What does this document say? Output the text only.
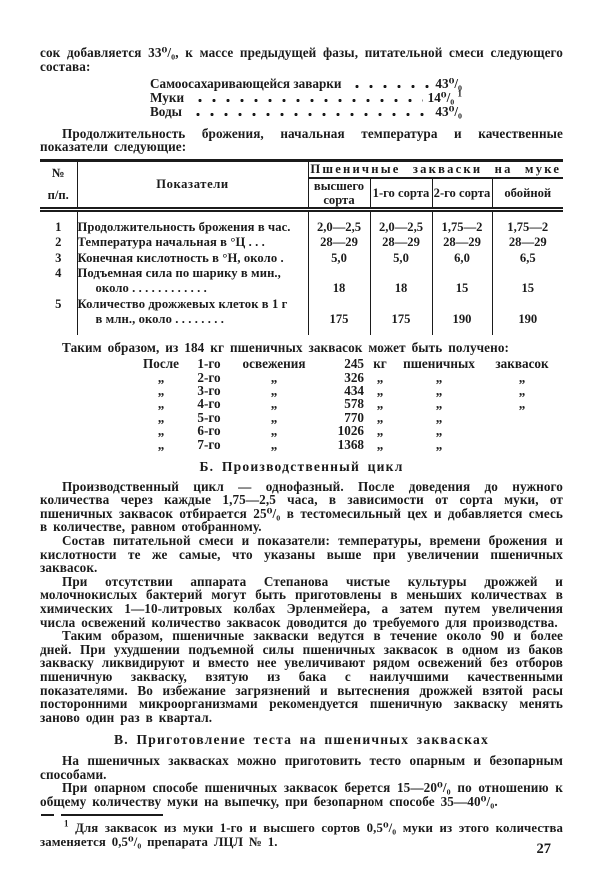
сок добавляется 33⁰/₀, к массе предыдущей фазы, питательной смеси следующего состава:

Самоосахаривающейся заварки	43⁰/₀
Муки	14⁰/₀ $^1$
Воды	43⁰/₀

Продолжительность брожения, начальная температура и качественные показатели следующие:

№
п/п.	Показатели	Пшеничные закваски на муке			
		высшего сорта	1-го сорта	2-го сорта	обойной
1	Продолжительность брожения в час.	2,0—2,5	2,0—2,5	1,75—2	1,75—2
2	Температура начальная в °Ц . . .	28—29	28—29	28—29	28—29
3	Конечная кислотность в °Н, около .	5,0	5,0	6,0	6,5
4	Подъемная сила по шарику в мин.,
около . . . . . . . . . . . .	18	18	15	15
5	Количество дрожжевых клеток в 1 г
в млн., около . . . . . . . .	175	175	190	190

Таким образом, из 184 кг пшеничных заквасок может быть получено:

После	1-го	освежения	245 кг	пшеничных	заквасок
„	2-го	„	326 „	„	„
„	3-го	„	434 „	„	„
„	4-го	„	578 „	„	„
„	5-го	„	770 „	„
„	6-го	„	1026 „	„
„	7-го	„	1368 „	„

Б. Производственный цикл

Производственный цикл — однофазный. После доведения до нужного количества через каждые 1,75—2,5 часа, в зависимости от сорта муки, от пшеничных заквасок отбирается 25⁰/₀ в тестомесильный цех и добавляется смесь в количестве, равном отобранному.

Состав питательной смеси и показатели: температуры, времени брожения и кислотности те же самые, что указаны выше при увеличении пшеничных заквасок.

При отсутствии аппарата Степанова чистые культуры дрожжей и молочнокислых бактерий могут быть приготовлены в меньших количествах в химических 1—10-литровых колбах Эрленмейера, а затем путем увеличения числа освежений количество заквасок доводится до требуемого для производства.

Таким образом, пшеничные закваски ведутся в течение около 90 и более дней. При ухудшении подъемной силы пшеничных заквасок в одном из баков закваску ликвидируют и вместо нее увеличивают рядом освежений без отборов пшеничную закваску, взятую из бака с наилучшими качественными показателями. Во избежание загрязнений и вытеснения дрожжей взятой расы посторонними микроорганизмами рекомендуется пшеничную закваску менять заново один раз в квартал.

В. Приготовление теста на пшеничных заквасках

На пшеничных заквасках можно приготовить тесто опарным и безопарным способами.

При опарном способе пшеничных заквасок берется 15—20⁰/₀ по отношению к общему количеству муки на выпечку, при безопарном способе 35—40⁰/₀.

$^1$ Для заквасок из муки 1-го и высшего сортов 0,5⁰/₀ муки из этого количества заменяется 0,5⁰/₀ препарата ЛЦЛ № 1.	27
